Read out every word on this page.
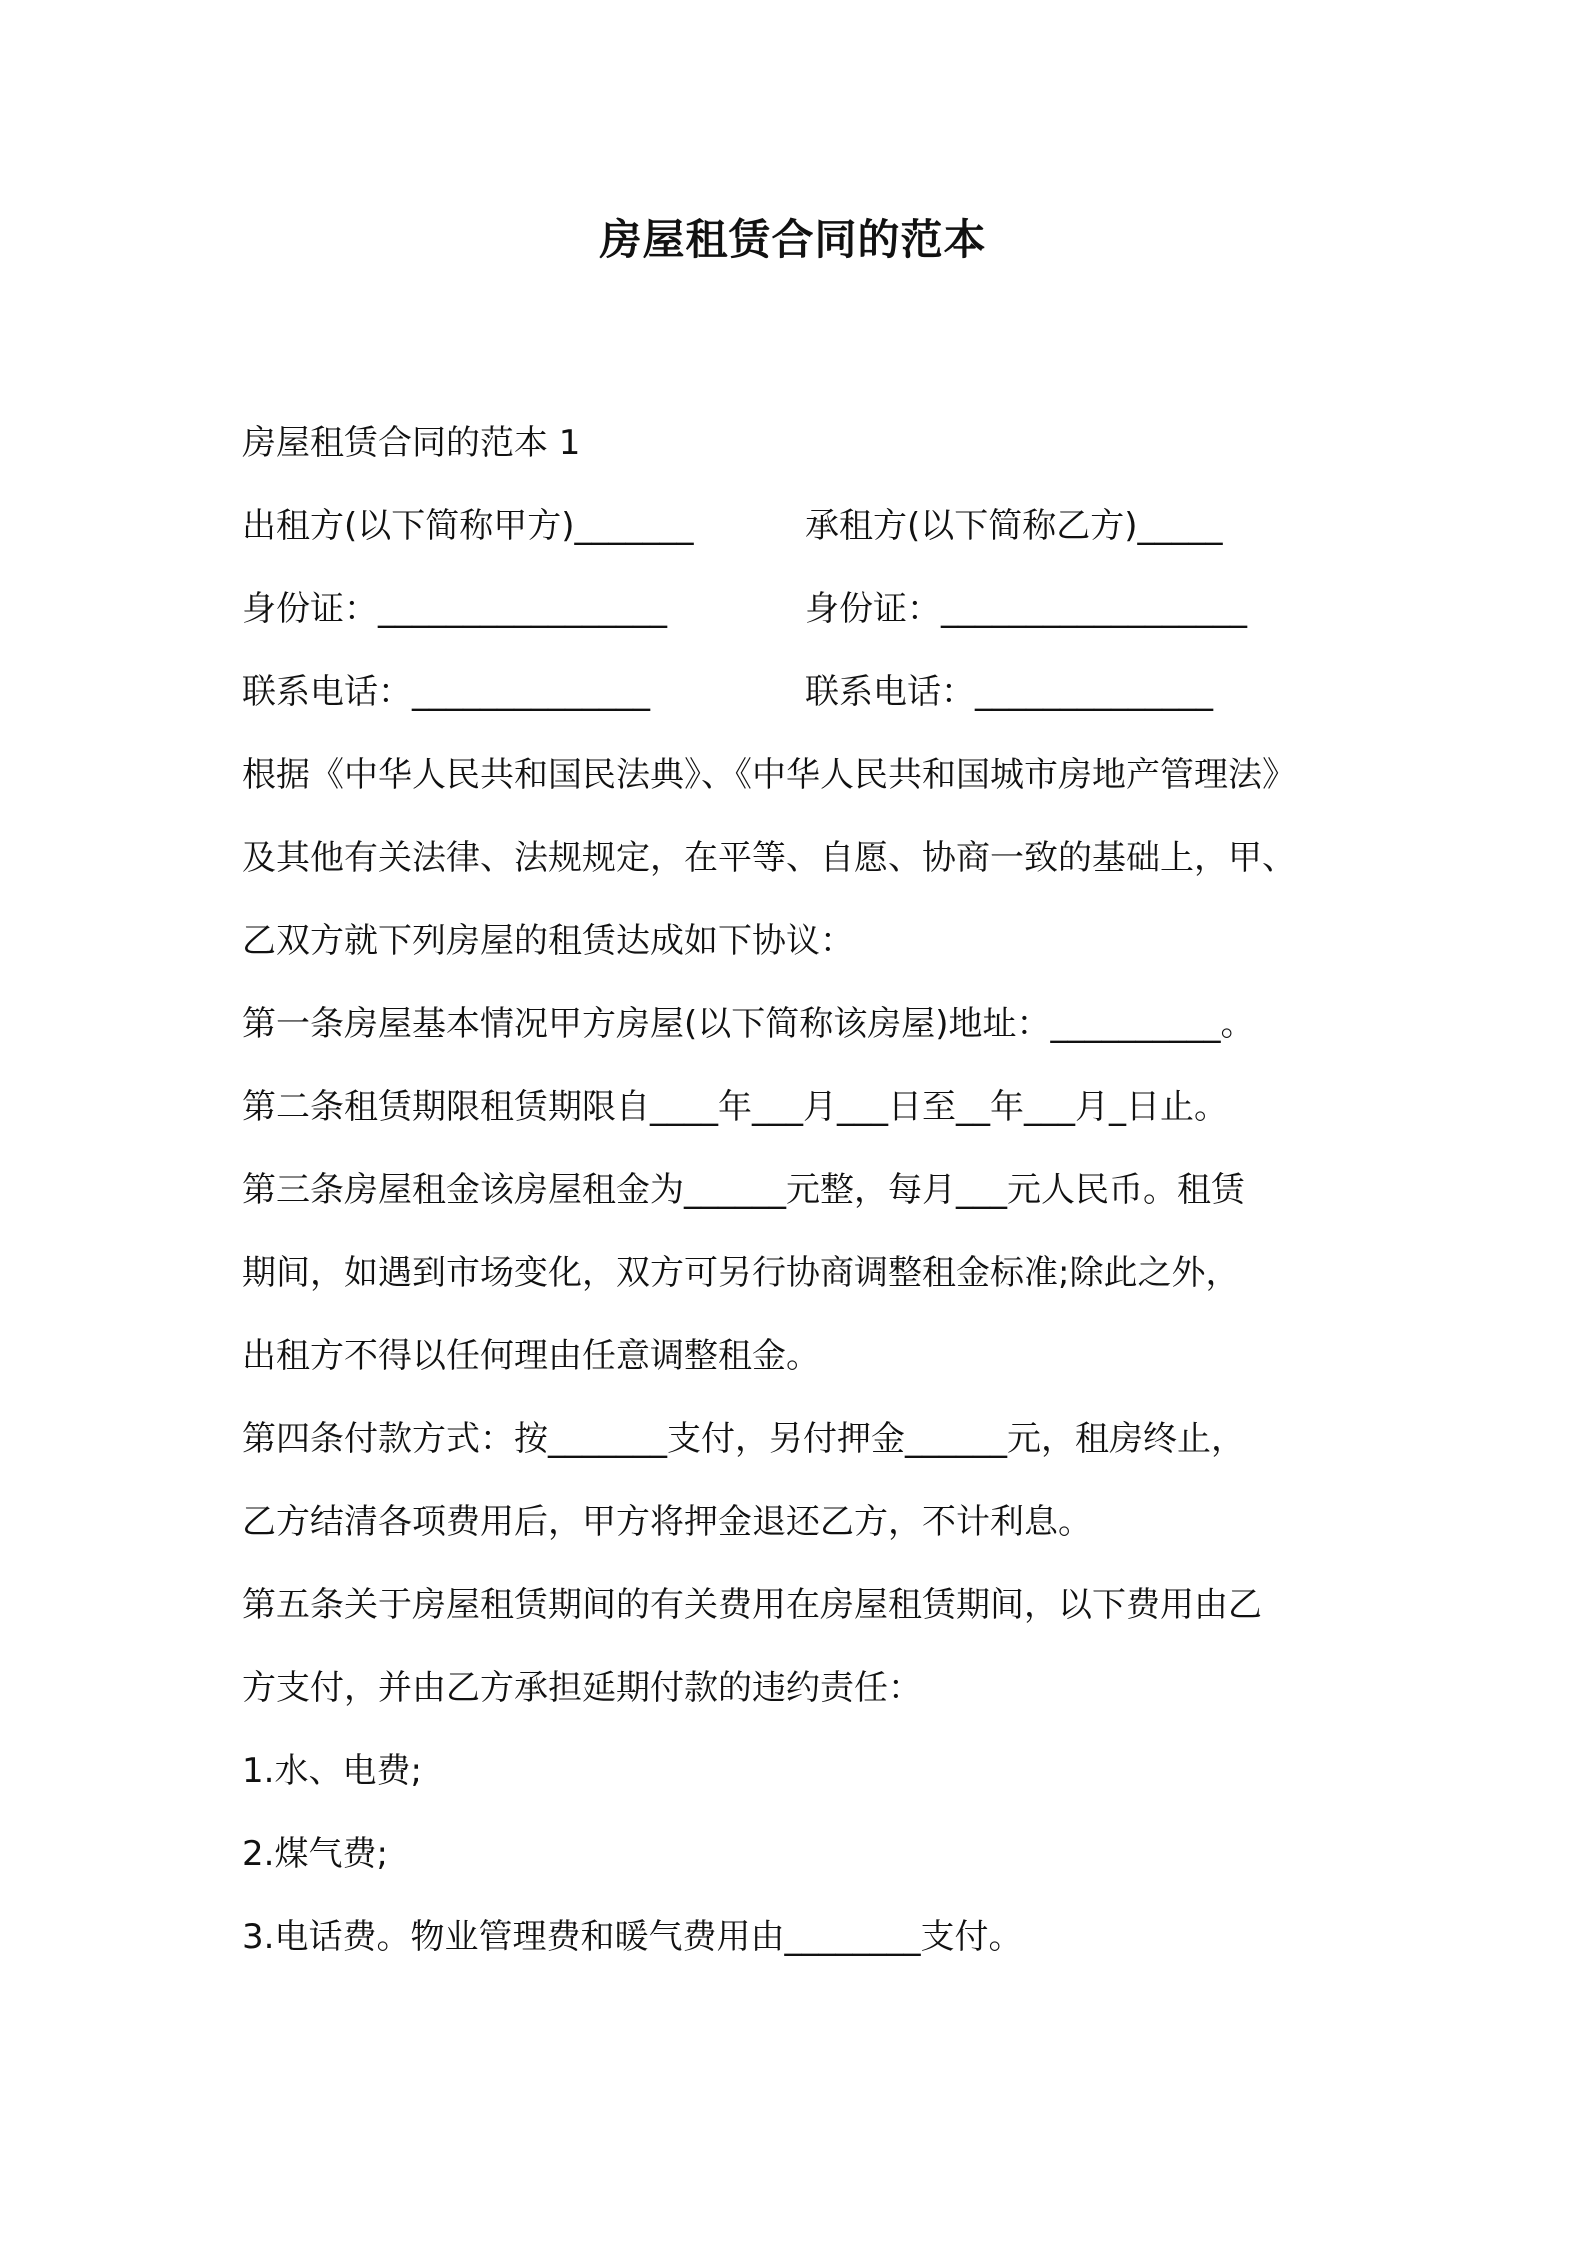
房屋租赁合同的范本
房屋租赁合同的范本 1
出租方(以下简称甲方)_______	承租方(以下简称乙方)_____
身份证：_________________	身份证：__________________
联系电话：______________	联系电话：______________
根据《中华人民共和国民法典》、《中华人民共和国城市房地产管理法》
及其他有关法律、法规规定，在平等、自愿、协商一致的基础上，甲、
乙双方就下列房屋的租赁达成如下协议：
第一条房屋基本情况甲方房屋(以下简称该房屋)地址：__________。
第二条租赁期限租赁期限自____年___月___日至__年___月_日止。
第三条房屋租金该房屋租金为______元整，每月___元人民币。租赁
期间，如遇到市场变化，双方可另行协商调整租金标准;除此之外，
出租方不得以任何理由任意调整租金。
第四条付款方式：按_______支付，另付押金______元，租房终止，
乙方结清各项费用后，甲方将押金退还乙方，不计利息。
第五条关于房屋租赁期间的有关费用在房屋租赁期间，以下费用由乙
方支付，并由乙方承担延期付款的违约责任：
1.水、电费;
2.煤气费;
3.电话费。物业管理费和暖气费用由________支付。
